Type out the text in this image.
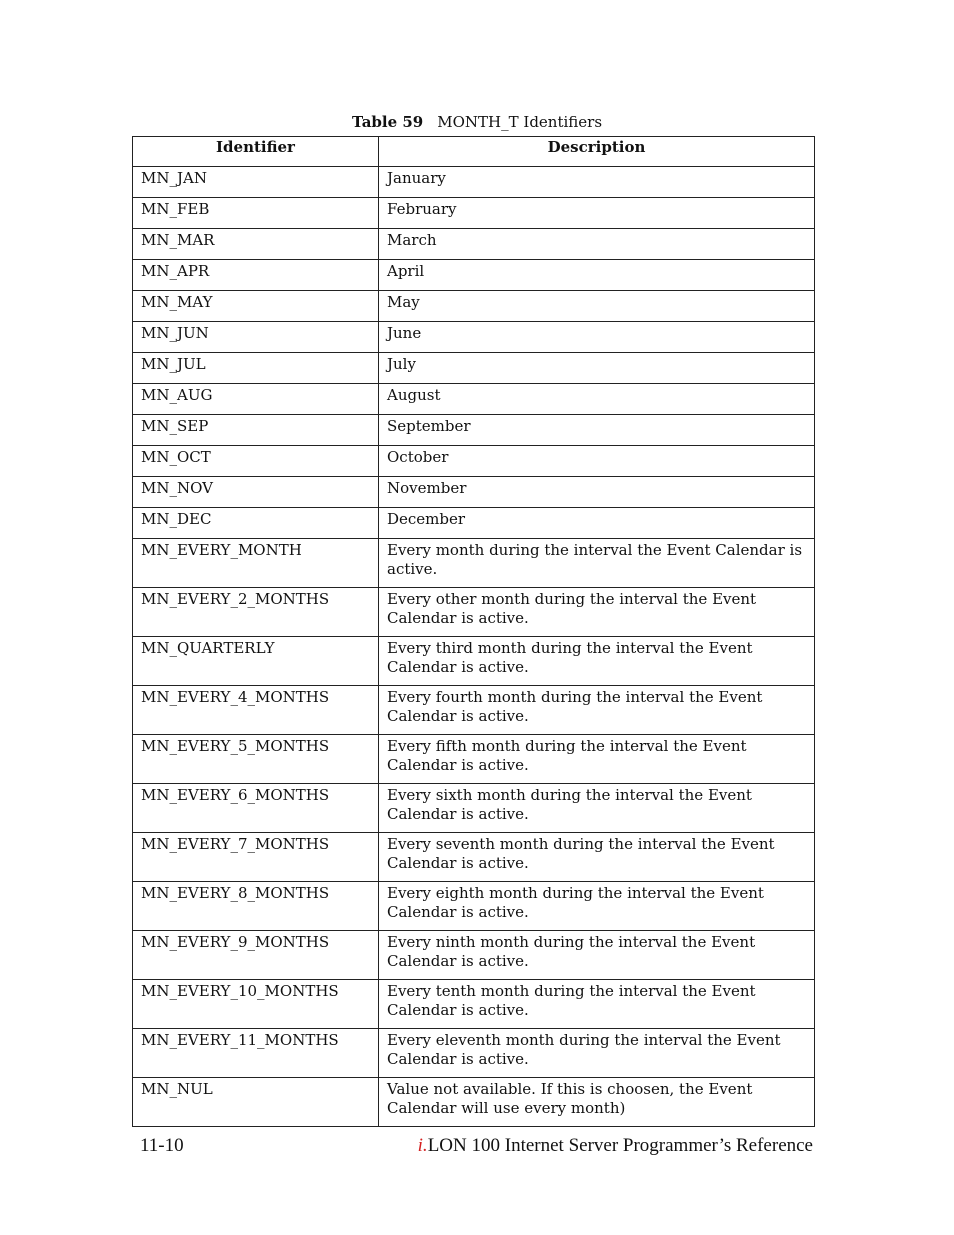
Table 59 MONTH_T Identifiers
Identifier	Description
MN_JAN	January
MN_FEB	February
MN_MAR	March
MN_APR	April
MN_MAY	May
MN_JUN	June
MN_JUL	July
MN_AUG	August
MN_SEP	September
MN_OCT	October
MN_NOV	November
MN_DEC	December
MN_EVERY_MONTH	Every month during the interval the Event Calendar is active.
MN_EVERY_2_MONTHS	Every other month during the interval the Event Calendar is active.
MN_QUARTERLY	Every third month during the interval the Event Calendar is active.
MN_EVERY_4_MONTHS	Every fourth month during the interval the Event Calendar is active.
MN_EVERY_5_MONTHS	Every fifth month during the interval the Event Calendar is active.
MN_EVERY_6_MONTHS	Every sixth month during the interval the Event Calendar is active.
MN_EVERY_7_MONTHS	Every seventh month during the interval the Event Calendar is active.
MN_EVERY_8_MONTHS	Every eighth month during the interval the Event Calendar is active.
MN_EVERY_9_MONTHS	Every ninth month during the interval the Event Calendar is active.
MN_EVERY_10_MONTHS	Every tenth month during the interval the Event Calendar is active.
MN_EVERY_11_MONTHS	Every eleventh month during the interval the Event Calendar is active.
MN_NUL	Value not available. If this is choosen, the Event Calendar will use every month)
11-10	i.LON 100 Internet Server Programmer’s Reference
